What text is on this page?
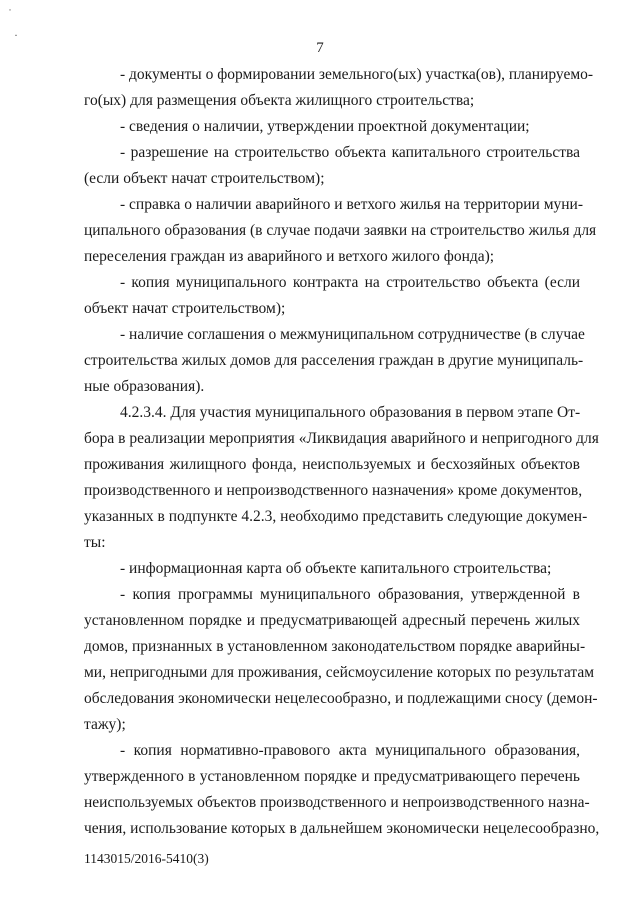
˙
·
7
- документы о формировании земельного(ых) участка(ов), планируемо-
го(ых) для размещения объекта жилищного строительства;
- сведения о наличии, утверждении проектной документации;
- разрешение на строительство объекта капитального строительства
(если объект начат строительством);
- справка о наличии аварийного и ветхого жилья на территории муни-
ципального образования (в случае подачи заявки на строительство жилья для
переселения граждан из аварийного и ветхого жилого фонда);
- копия муниципального контракта на строительство объекта (если
объект начат строительством);
- наличие соглашения о межмуниципальном сотрудничестве (в случае
строительства жилых домов для расселения граждан в другие муниципаль-
ные образования).
4.2.3.4. Для участия муниципального образования в первом этапе От-
бора в реализации мероприятия «Ликвидация аварийного и непригодного для
проживания жилищного фонда, неиспользуемых и бесхозяйных объектов
производственного и непроизводственного назначения» кроме документов,
указанных в подпункте 4.2.3, необходимо представить следующие докумен-
ты:
- информационная карта об объекте капитального строительства;
- копия программы муниципального образования, утвержденной в
установленном порядке и предусматривающей адресный перечень жилых
домов, признанных в установленном законодательством порядке аварийны-
ми, непригодными для проживания, сейсмоусиление которых по результатам
обследования экономически нецелесообразно, и подлежащими сносу (демон-
тажу);
- копия нормативно-правового акта муниципального образования,
утвержденного в установленном порядке и предусматривающего перечень
неиспользуемых объектов производственного и непроизводственного назна-
чения, использование которых в дальнейшем экономически нецелесообразно,
1143015/2016-5410(3)
